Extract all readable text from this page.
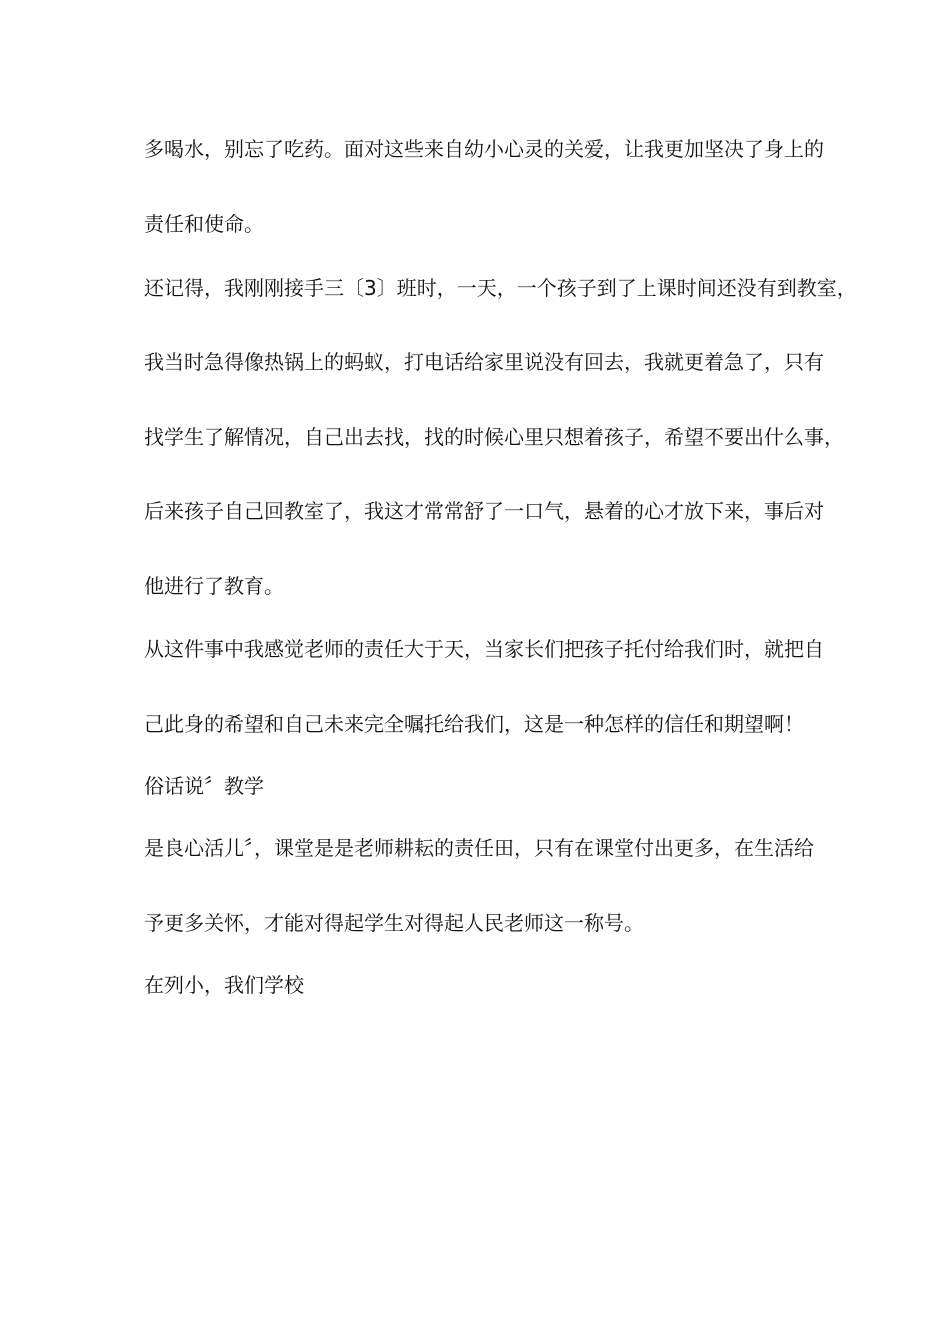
多喝水，别忘了吃药。面对这些来自幼小心灵的关爱，让我更加坚决了身上的
责任和使命。
还记得，我刚刚接手三〔3〕班时，一天，一个孩子到了上课时间还没有到教室，
我当时急得像热锅上的蚂蚁，打电话给家里说没有回去，我就更着急了，只有
找学生了解情况，自己出去找，找的时候心里只想着孩子，希望不要出什么事，
后来孩子自己回教室了，我这才常常舒了一口气，悬着的心才放下来，事后对
他进行了教育。
从这件事中我感觉老师的责任大于天，当家长们把孩子托付给我们时，就把自
己此身的希望和自己未来完全嘱托给我们，这是一种怎样的信任和期望啊！
俗话说〞教学
是良心活儿〞，课堂是是老师耕耘的责任田，只有在课堂付出更多，在生活给
予更多关怀，才能对得起学生对得起人民老师这一称号。
在列小，我们学校
